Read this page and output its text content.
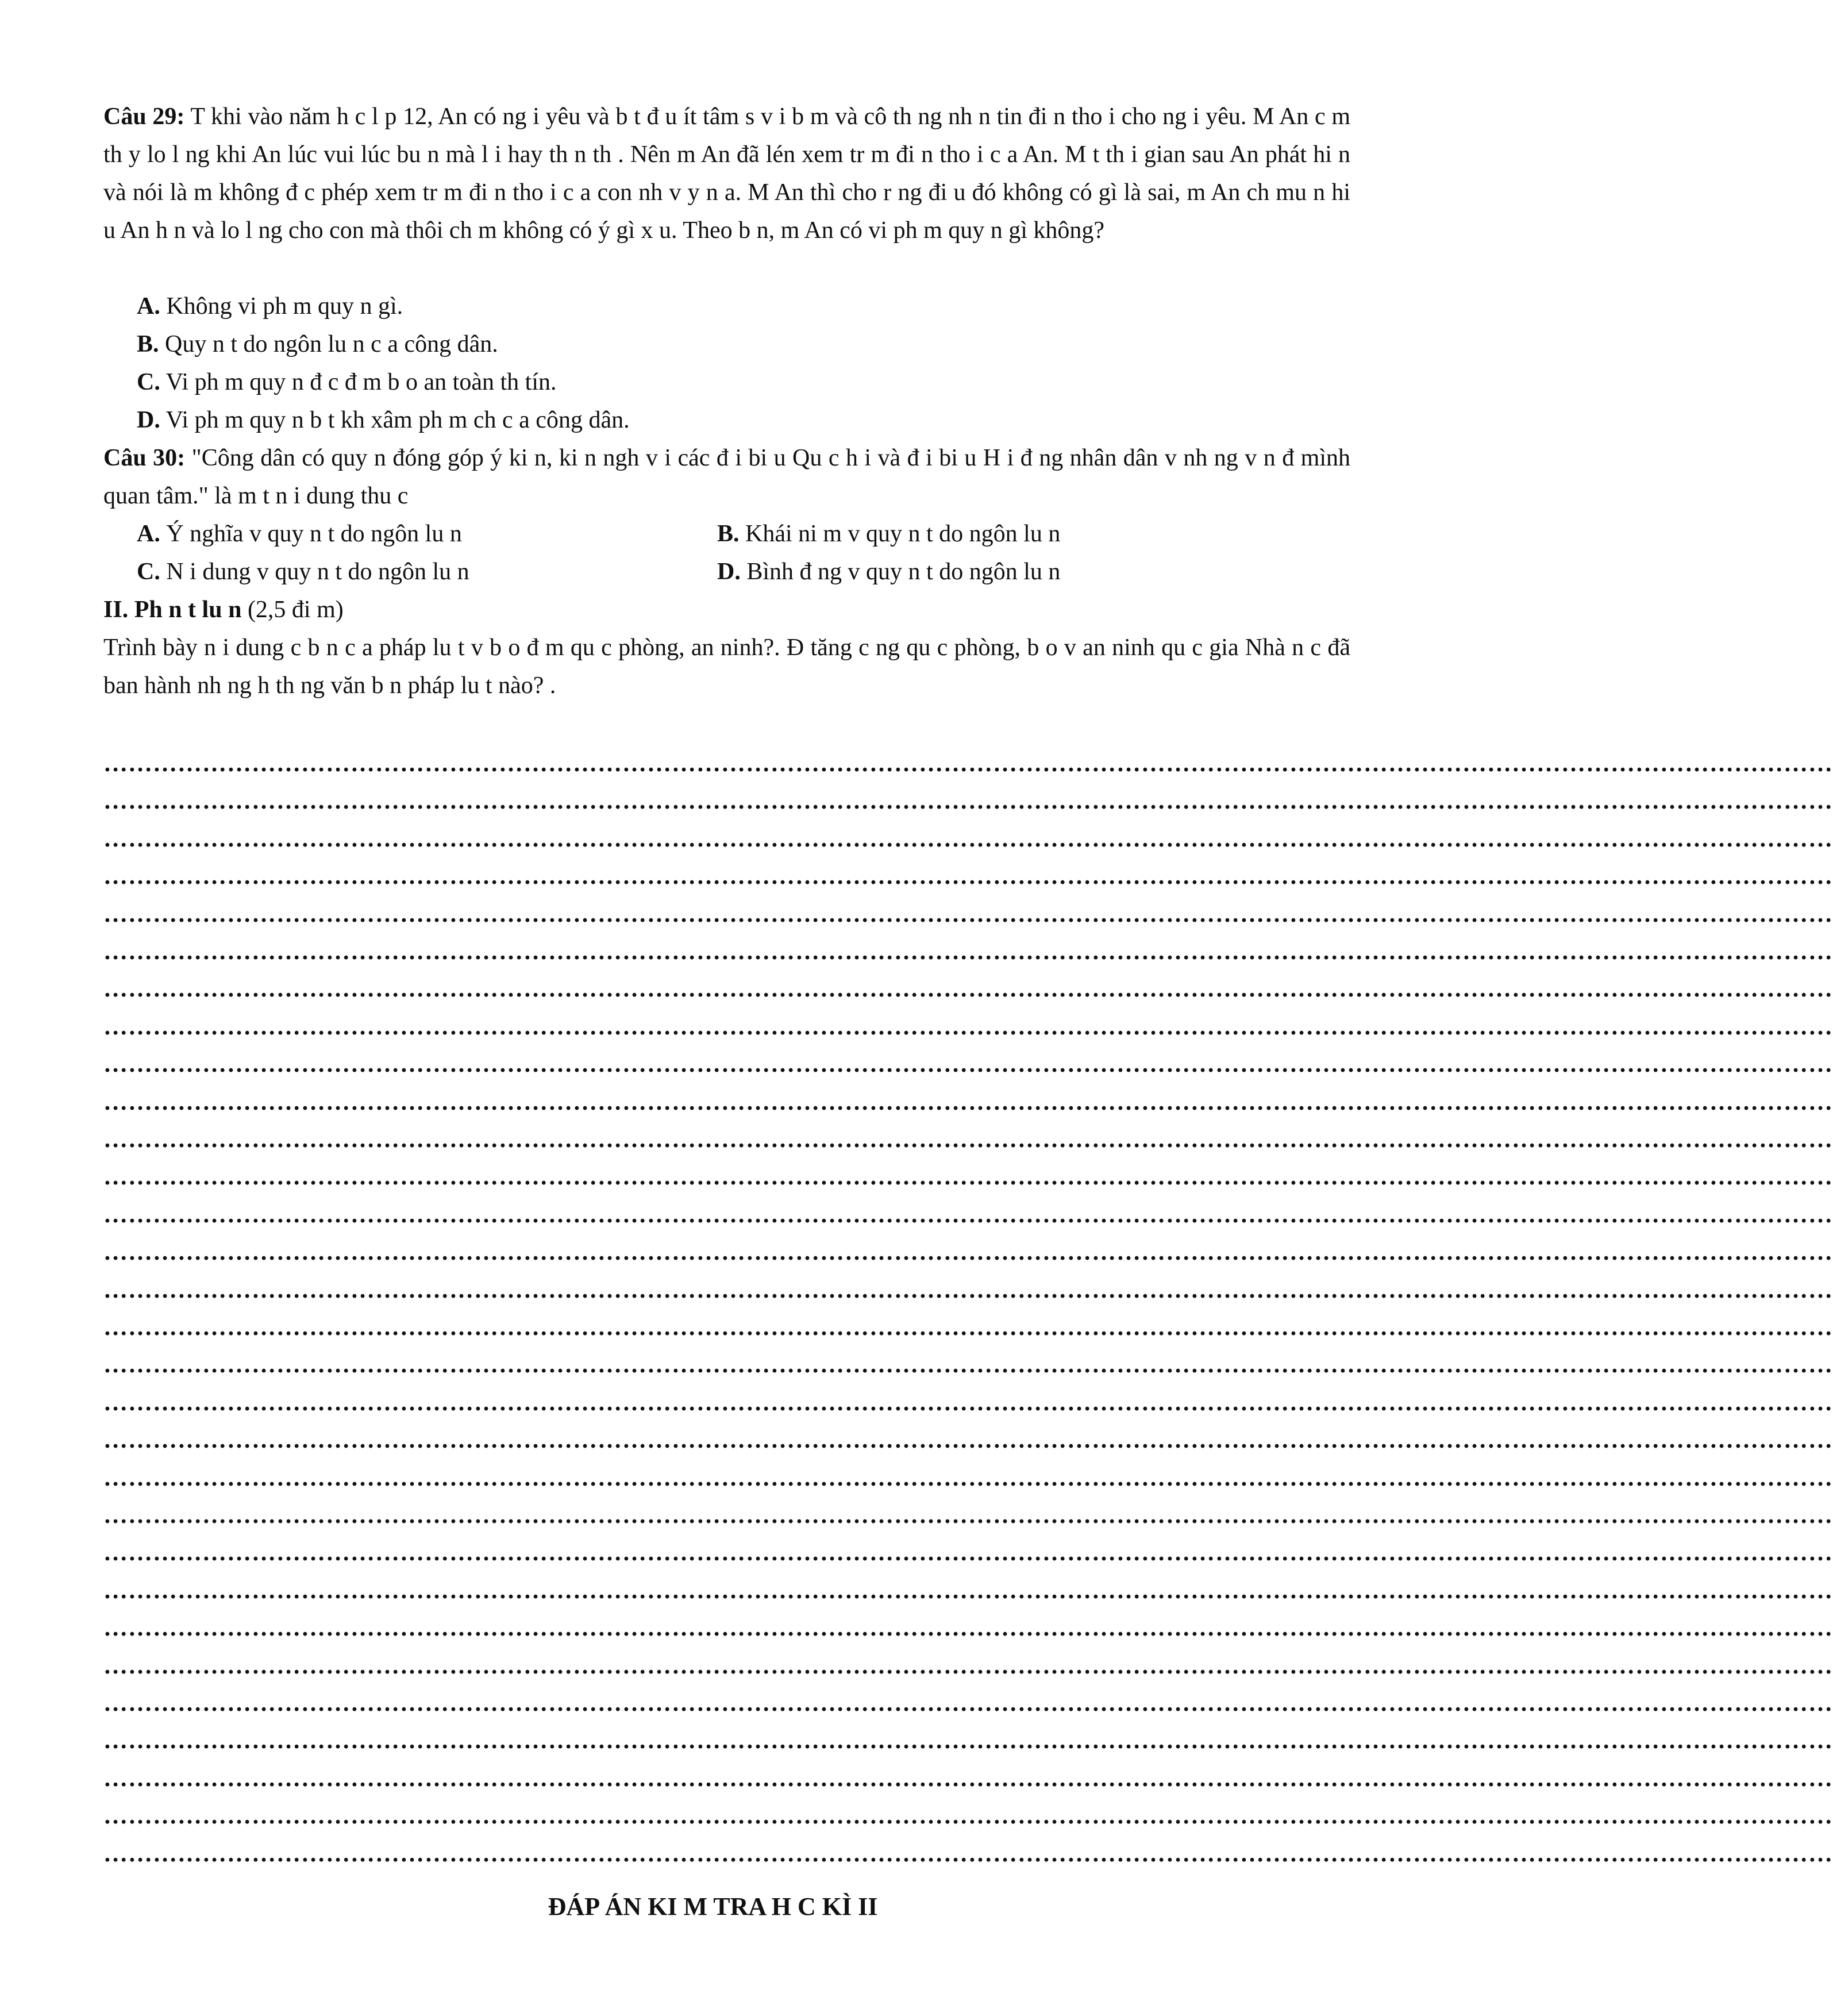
Câu 29: T khi vào năm h c l p 12, An có ng i yêu và b t đ u ít tâm s v i b m và cô th ng nh n tin đi n tho i cho ng i yêu. M An c m th y lo l ng khi An lúc vui lúc bu n mà l i hay th n th . Nên m An đã lén xem tr m đi n tho i c a An. M t th i gian sau An phát hi n và nói là m không đ c phép xem tr m đi n tho i c a con nh v y n a. M An thì cho r ng đi u đó không có gì là sai, m An ch mu n hi u An h n và lo l ng cho con mà thôi ch m không có ý gì x u. Theo b n, m An có vi ph m quy n gì không?
A. Không vi ph m quy n gì.
B. Quy n t do ngôn lu n c a công dân.
C. Vi ph m quy n đ c đ m b o an toàn th tín.
D. Vi ph m quy n b t kh xâm ph m ch c a công dân.
Câu 30: "Công dân có quy n đóng góp ý ki n, ki n ngh v i các đ i bi u Qu c h i và đ i bi u H i đ ng nhân dân v nh ng v n đ mình quan tâm." là m t n i dung thu c
A. Ý nghĩa v quy n t do ngôn lu n	B. Khái ni m v quy n t do ngôn lu n
C. N i dung v quy n t do ngôn lu n	D. Bình đ ng v quy n t do ngôn lu n
II. Ph n t lu n (2,5 đi m)
Trình bày n i dung c b n c a pháp lu t v b o đ m qu c phòng, an ninh?. Đ tăng c ng qu c phòng, b o v an ninh qu c gia Nhà n c đã ban hành nh ng h th ng văn b n pháp lu t nào? .
…………………………………………………………………………………………………………………………………………………………………………………………
…………………………………………………………………………………………………………………………………………………………………………………………
…………………………………………………………………………………………………………………………………………………………………………………………
…………………………………………………………………………………………………………………………………………………………………………………………
…………………………………………………………………………………………………………………………………………………………………………………………
…………………………………………………………………………………………………………………………………………………………………………………………
…………………………………………………………………………………………………………………………………………………………………………………………
…………………………………………………………………………………………………………………………………………………………………………………………
…………………………………………………………………………………………………………………………………………………………………………………………
…………………………………………………………………………………………………………………………………………………………………………………………
…………………………………………………………………………………………………………………………………………………………………………………………
…………………………………………………………………………………………………………………………………………………………………………………………
…………………………………………………………………………………………………………………………………………………………………………………………
…………………………………………………………………………………………………………………………………………………………………………………………
…………………………………………………………………………………………………………………………………………………………………………………………
…………………………………………………………………………………………………………………………………………………………………………………………
…………………………………………………………………………………………………………………………………………………………………………………………
…………………………………………………………………………………………………………………………………………………………………………………………
…………………………………………………………………………………………………………………………………………………………………………………………
…………………………………………………………………………………………………………………………………………………………………………………………
…………………………………………………………………………………………………………………………………………………………………………………………
…………………………………………………………………………………………………………………………………………………………………………………………
…………………………………………………………………………………………………………………………………………………………………………………………
…………………………………………………………………………………………………………………………………………………………………………………………
…………………………………………………………………………………………………………………………………………………………………………………………
…………………………………………………………………………………………………………………………………………………………………………………………
…………………………………………………………………………………………………………………………………………………………………………………………
…………………………………………………………………………………………………………………………………………………………………………………………
…………………………………………………………………………………………………………………………………………………………………………………………
…………………………………………………………………………………………………………………………………………………………………………………………
ĐÁP ÁN KI M TRA H C KÌ II
